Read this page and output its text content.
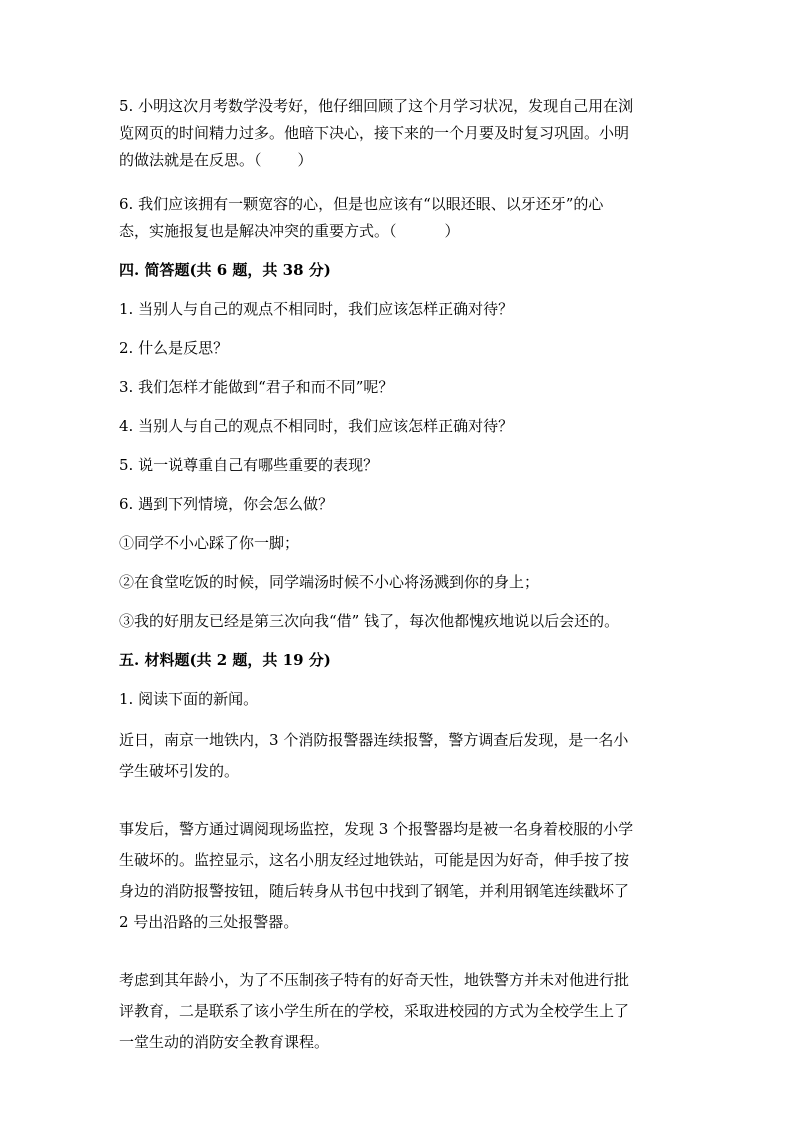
5. 小明这次月考数学没考好，他仔细回顾了这个月学习状况，发现自己用在浏

览网页的时间精力过多。他暗下决心，接下来的一个月要及时复习巩固。小明

的做法就是在反思。（ ）

6. 我们应该拥有一颗宽容的心，但是也应该有“以眼还眼、以牙还牙”的心

态，实施报复也是解决冲突的重要方式。（	）

四. 简答题(共 6 题，共 38 分)

1. 当别人与自己的观点不相同时，我们应该怎样正确对待？

2. 什么是反思？

3. 我们怎样才能做到“君子和而不同”呢？

4. 当别人与自己的观点不相同时，我们应该怎样正确对待？

5. 说一说尊重自己有哪些重要的表现？

6. 遇到下列情境，你会怎么做？

①同学不小心踩了你一脚；

②在食堂吃饭的时候，同学端汤时候不小心将汤溅到你的身上；

③我的好朋友已经是第三次向我“借” 钱了，每次他都愧疚地说以后会还的。

五. 材料题(共 2 题，共 19 分)

1. 阅读下面的新闻。

近日，南京一地铁内，3 个消防报警器连续报警，警方调查后发现，是一名小

学生破坏引发的。

事发后，警方通过调阅现场监控，发现 3 个报警器均是被一名身着校服的小学

生破坏的。监控显示，这名小朋友经过地铁站，可能是因为好奇，伸手按了按

身边的消防报警按钮，随后转身从书包中找到了钢笔，并利用钢笔连续戳坏了

2 号出沿路的三处报警器。

考虑到其年龄小，为了不压制孩子特有的好奇天性，地铁警方并未对他进行批

评教育，二是联系了该小学生所在的学校，采取进校园的方式为全校学生上了

一堂生动的消防安全教育课程。
